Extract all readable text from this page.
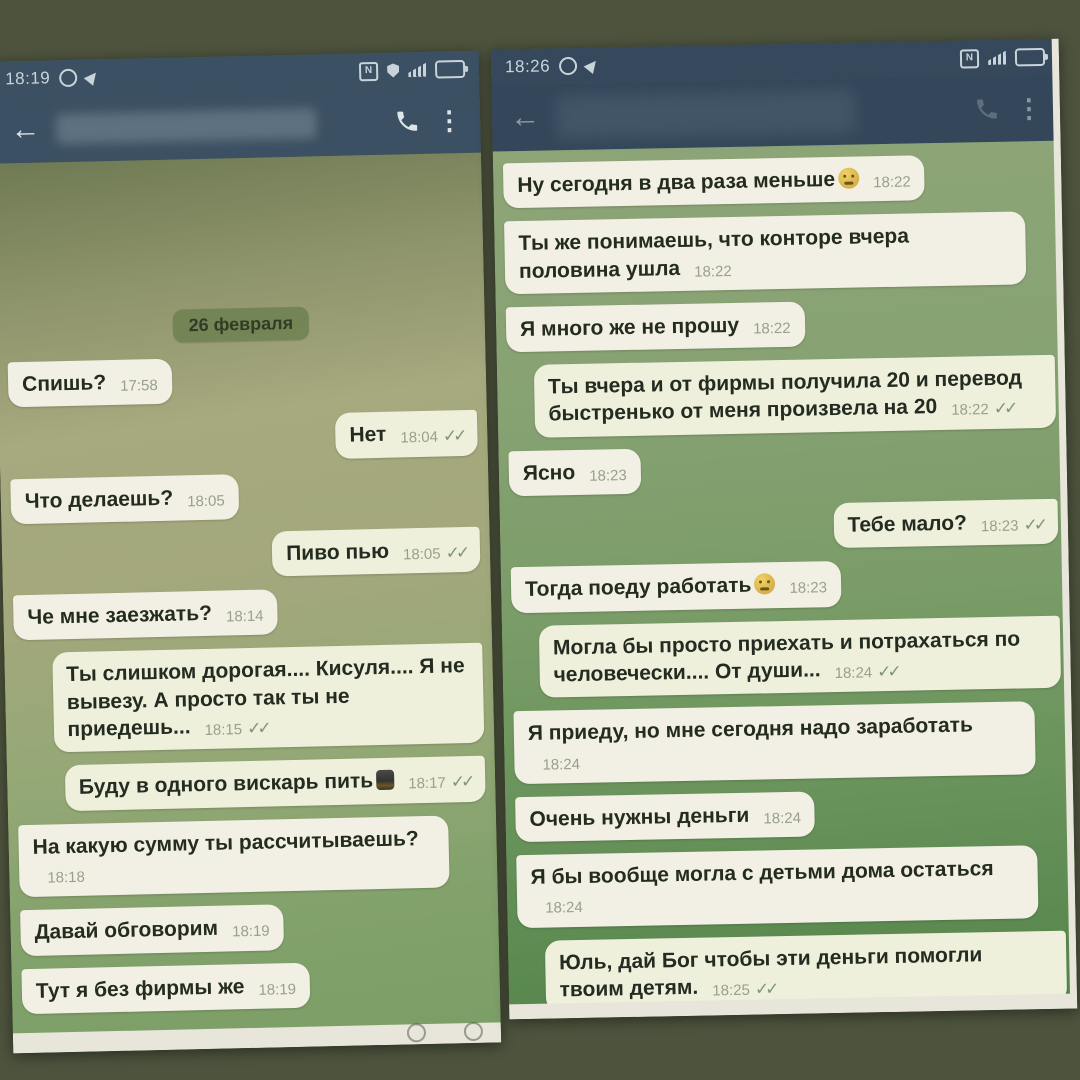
18:19	N
←	⋮
26 февраля
Спишь? 17:58
Нет 18:04 ✓✓
Что делаешь? 18:05
Пиво пью 18:05 ✓✓
Че мне заезжать? 18:14
Ты слишком дорогая.... Кисуля.... Я не вывезу. А просто так ты не приедешь... 18:15 ✓✓
Буду в одного вискарь пить 18:17 ✓✓
На какую сумму ты рассчитываешь?18:18
Давай обговорим 18:19
Тут я без фирмы же 18:19
18:26	N
←	⋮
Ну сегодня в два раза меньше	18:22
Ты же понимаешь, что конторе вчера половина ушла 18:22
Я много же не прошу 18:22
Ты вчера и от фирмы получила 20 и перевод быстренько от меня произвела на 20 18:22 ✓✓
Ясно 18:23
Тебе мало? 18:23 ✓✓
Тогда поеду работать	18:23
Могла бы просто приехать и потрахаться по человечески.... От души... 18:24 ✓✓
Я приеду, но мне сегодня надо заработать18:24
Очень нужны деньги 18:24
Я бы вообще могла с детьми дома остаться18:24
Юль, дай Бог чтобы эти деньги помогли твоим детям. 18:25 ✓✓
